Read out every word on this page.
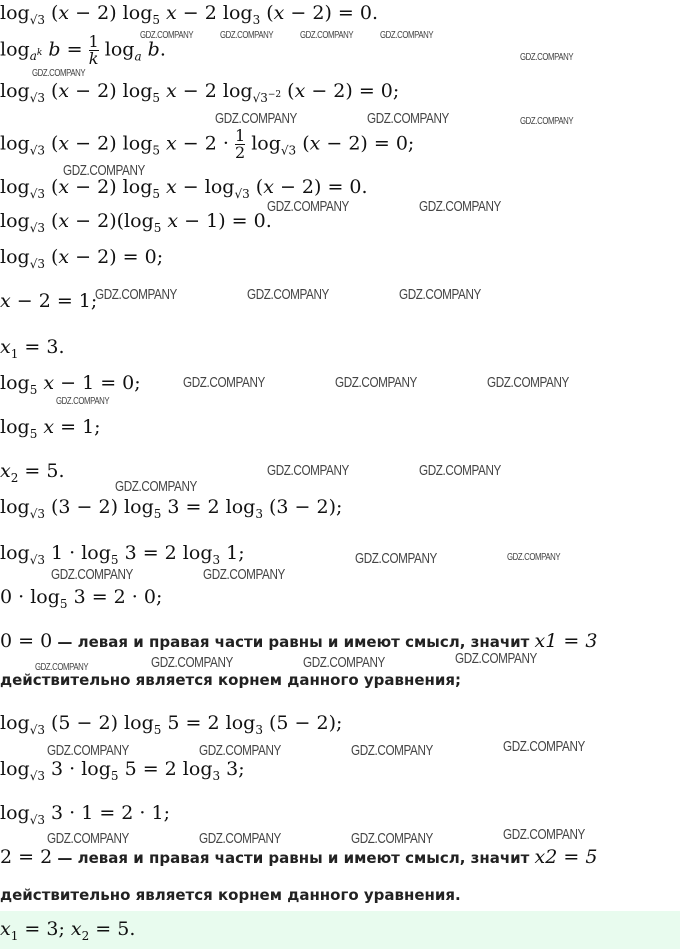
$\log_{√3} (x - 2)$ $\log_5 x - 2$ $\log_3 (x - 2) = 0$.
$\log_{a^k} b = \frac{1}{k} \log_a b$.
$\log_{√3} (x - 2)$ $\log_5 x - 2$ $\log_{√3^{-2}} (x - 2) = 0$;
$\log_{√3} (x - 2)$ $\log_5 x - 2 \cdot \frac{1}{2} \log_{√3} (x - 2) = 0$;
$\log_{√3} (x - 2)$ $\log_5 x - \log_{√3} (x - 2) = 0$.
$\log_{√3} (x - 2)(\log_5$ x − 1) = 0.
$\log_{√3} (x - 2) = 0$;
x − 2 = 1;
$x_1 = 3$.
$\log_5 x - 1 = 0$;
$\log_5 x = 1$;
$x_2 = 5$.
$\log_{√3} (3 - 2)$ $\log_5 3 = 2$ $\log_3 (3 - 2)$;
$\log_{√3} 1 \cdot \log_5 3 = 2$ $\log_3 1$;
$0 \cdot \log_5 3 = 2 \cdot 0$;
0 = 0 — левая и правая части равны и имеют смысл, значит x1 = 3
действительно является корнем данного уравнения;
$\log_{√3} (5 - 2)$ $\log_5 5 = 2$ $\log_3 (5 - 2)$;
$\log_{√3} 3 \cdot \log_5 5 = 2$ $\log_3 3$;
$\log_{√3} 3 \cdot 1 = 2 \cdot 1$;
2 = 2 — левая и правая части равны и имеют смысл, значит x2 = 5
действительно является корнем данного уравнения.
$x_1 = 3$; $x_2 = 5$.
GDZ.COMPANY	GDZ.COMPANY	GDZ.COMPANY	GDZ.COMPANY
GDZ.COMPANY
GDZ.COMPANY
GDZ.COMPANY	GDZ.COMPANY	GDZ.COMPANY
GDZ.COMPANY
GDZ.COMPANY	GDZ.COMPANY
GDZ.COMPANY	GDZ.COMPANY	GDZ.COMPANY
GDZ.COMPANY	GDZ.COMPANY	GDZ.COMPANY
GDZ.COMPANY
GDZ.COMPANY	GDZ.COMPANY
GDZ.COMPANY
GDZ.COMPANY	GDZ.COMPANY
GDZ.COMPANY	GDZ.COMPANY
GDZ.COMPANY
GDZ.COMPANY	GDZ.COMPANY	GDZ.COMPANY
GDZ.COMPANY
GDZ.COMPANY	GDZ.COMPANY	GDZ.COMPANY
GDZ.COMPANY
GDZ.COMPANY	GDZ.COMPANY	GDZ.COMPANY
